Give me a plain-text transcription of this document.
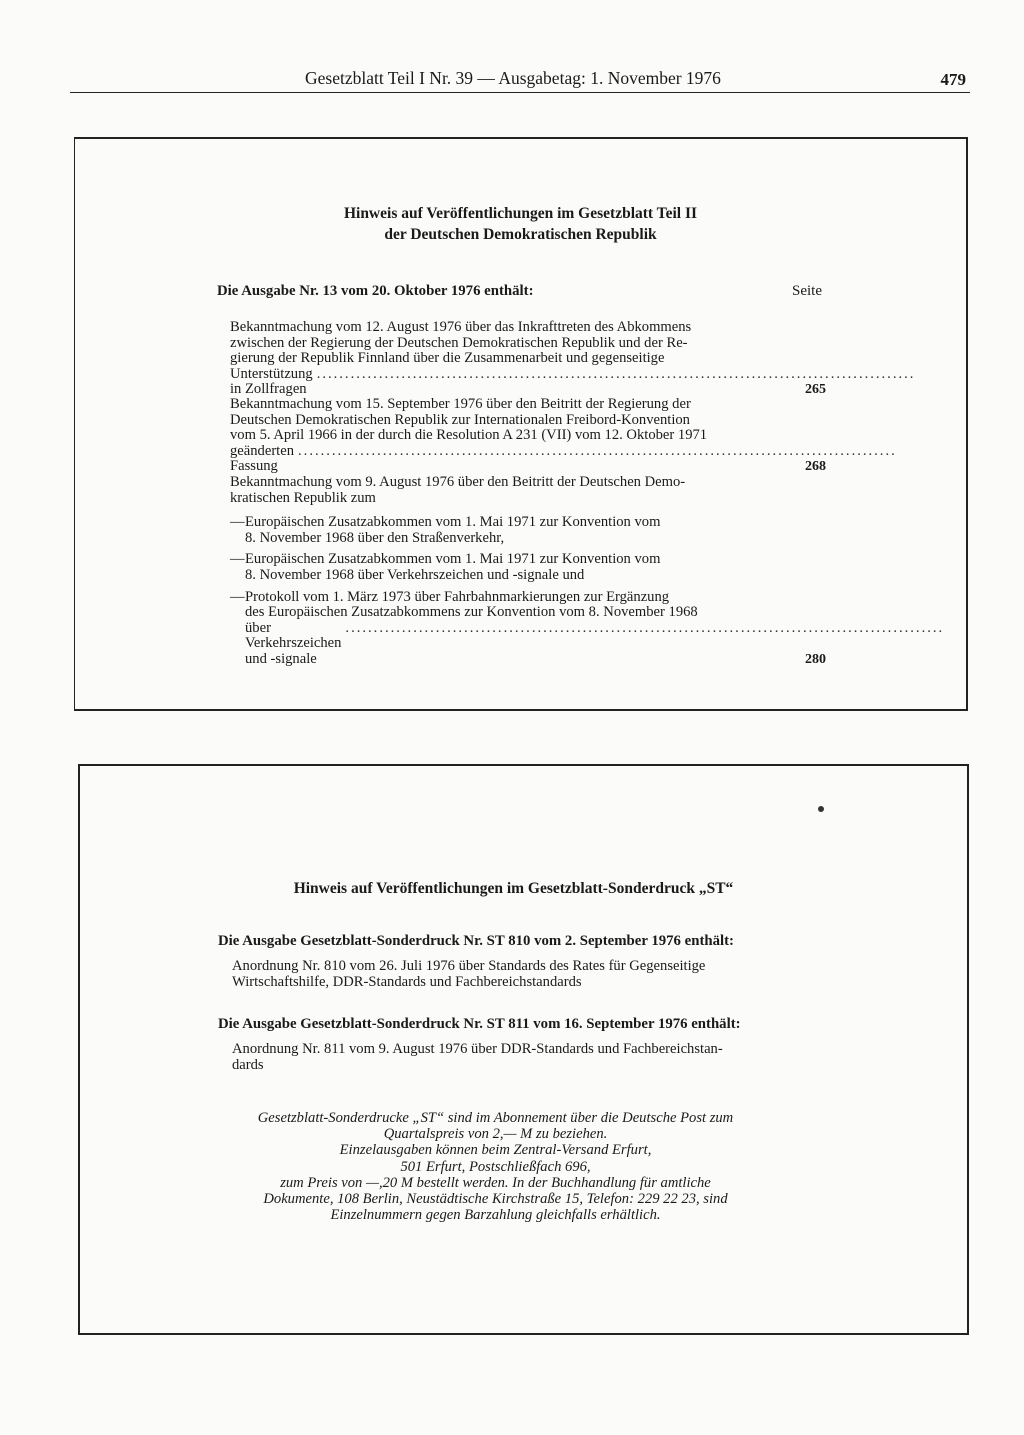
Gesetzblatt Teil I Nr. 39 — Ausgabetag: 1. November 1976	479
Hinweis auf Veröffentlichungen im Gesetzblatt Teil II
der Deutschen Demokratischen Republik
Die Ausgabe Nr. 13 vom 20. Oktober 1976 enthält:	Seite
Bekanntmachung vom 12. August 1976 über das Inkrafttreten des Abkommens
zwischen der Regierung der Deutschen Demokratischen Republik und der Re-
gierung der Republik Finnland über die Zusammenarbeit und gegenseitige
Unterstützung in Zollfragen
..........................................................................................................
265
Bekanntmachung vom 15. September 1976 über den Beitritt der Regierung der
Deutschen Demokratischen Republik zur Internationalen Freibord-Konvention
vom 5. April 1966 in der durch die Resolution A 231 (VII) vom 12. Oktober 1971
geänderten Fassung
..........................................................................................................
268
Bekanntmachung vom 9. August 1976 über den Beitritt der Deutschen Demo-
kratischen Republik zum
— Europäischen Zusatzabkommen vom 1. Mai 1971 zur Konvention vom
8. November 1968 über den Straßenverkehr,
— Europäischen Zusatzabkommen vom 1. Mai 1971 zur Konvention vom
8. November 1968 über Verkehrszeichen und -signale und
— Protokoll vom 1. März 1973 über Fahrbahnmarkierungen zur Ergänzung
des Europäischen Zusatzabkommens zur Konvention vom 8. November 1968
über Verkehrszeichen und -signale
..........................................................................................................
280
Hinweis auf Veröffentlichungen im Gesetzblatt-Sonderdruck „ST“
Die Ausgabe Gesetzblatt-Sonderdruck Nr. ST 810 vom 2. September 1976 enthält:
Anordnung Nr. 810 vom 26. Juli 1976 über Standards des Rates für Gegenseitige
Wirtschaftshilfe, DDR-Standards und Fachbereichstandards
Die Ausgabe Gesetzblatt-Sonderdruck Nr. ST 811 vom 16. September 1976 enthält:
Anordnung Nr. 811 vom 9. August 1976 über DDR-Standards und Fachbereichstan-
dards
Gesetzblatt-Sonderdrucke „ST“ sind im Abonnement über die Deutsche Post zum
Quartalspreis von 2,— M zu beziehen.
Einzelausgaben können beim Zentral-Versand Erfurt,
501 Erfurt, Postschließfach 696,
zum Preis von —,20 M bestellt werden. In der Buchhandlung für amtliche
Dokumente, 108 Berlin, Neustädtische Kirchstraße 15, Telefon: 229 22 23, sind
Einzelnummern gegen Barzahlung gleichfalls erhältlich.
